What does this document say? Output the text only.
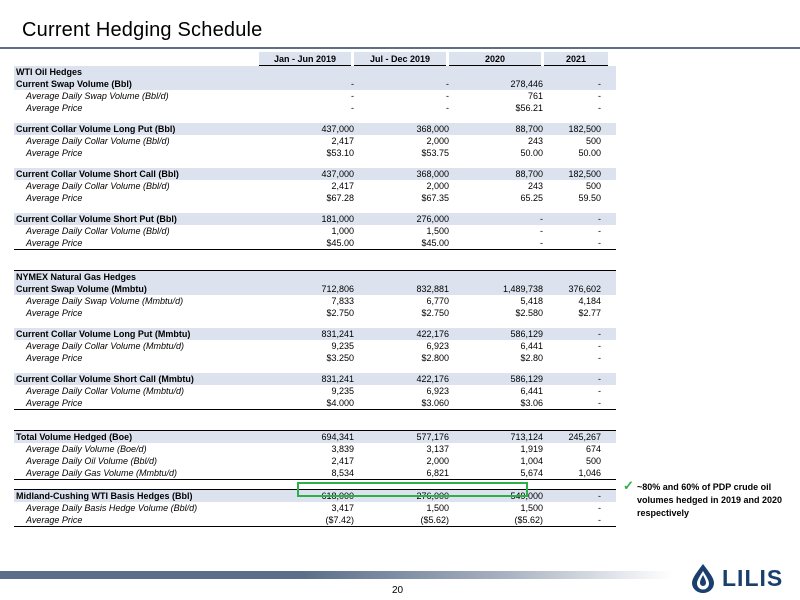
Current Hedging Schedule
Jan - Jun 2019	Jul - Dec 2019	2020	2021
WTI Oil Hedges
Current Swap Volume (Bbl)	-	-	278,446	-
Average Daily Swap Volume (Bbl/d)	-	-	761	-
Average Price	-	-	$56.21	-
Current Collar Volume Long Put (Bbl)	437,000	368,000	88,700	182,500
Average Daily Collar Volume (Bbl/d)	2,417	2,000	243	500
Average Price	$53.10	$53.75	50.00	50.00
Current Collar Volume Short Call (Bbl)	437,000	368,000	88,700	182,500
Average Daily Collar Volume (Bbl/d)	2,417	2,000	243	500
Average Price	$67.28	$67.35	65.25	59.50
Current Collar Volume Short Put (Bbl)	181,000	276,000	-	-
Average Daily Collar Volume (Bbl/d)	1,000	1,500	-	-
Average Price	$45.00	$45.00	-	-
NYMEX Natural Gas Hedges
Current Swap Volume (Mmbtu)	712,806	832,881	1,489,738	376,602
Average Daily Swap Volume (Mmbtu/d)	7,833	6,770	5,418	4,184
Average Price	$2.750	$2.750	$2.580	$2.77
Current Collar Volume Long Put (Mmbtu)	831,241	422,176	586,129	-
Average Daily Collar Volume (Mmbtu/d)	9,235	6,923	6,441	-
Average Price	$3.250	$2.800	$2.80	-
Current Collar Volume Short Call (Mmbtu)	831,241	422,176	586,129	-
Average Daily Collar Volume (Mmbtu/d)	9,235	6,923	6,441	-
Average Price	$4.000	$3.060	$3.06	-
Total Volume Hedged (Boe)	694,341	577,176	713,124	245,267
Average Daily Volume (Boe/d)	3,839	3,137	1,919	674
Average Daily Oil Volume (Bbl/d)	2,417	2,000	1,004	500
Average Daily Gas Volume (Mmbtu/d)	8,534	6,821	5,674	1,046
Midland-Cushing WTI Basis Hedges (Bbl)	618,000	276,000	549,000	-
Average Daily Basis Hedge Volume (Bbl/d)	3,417	1,500	1,500	-
Average Price	($7.42)	($5.62)	($5.62)	-
✓ ~80% and 60% of PDP crude oil volumes hedged in 2019 and 2020 respectively
20	LILIS
